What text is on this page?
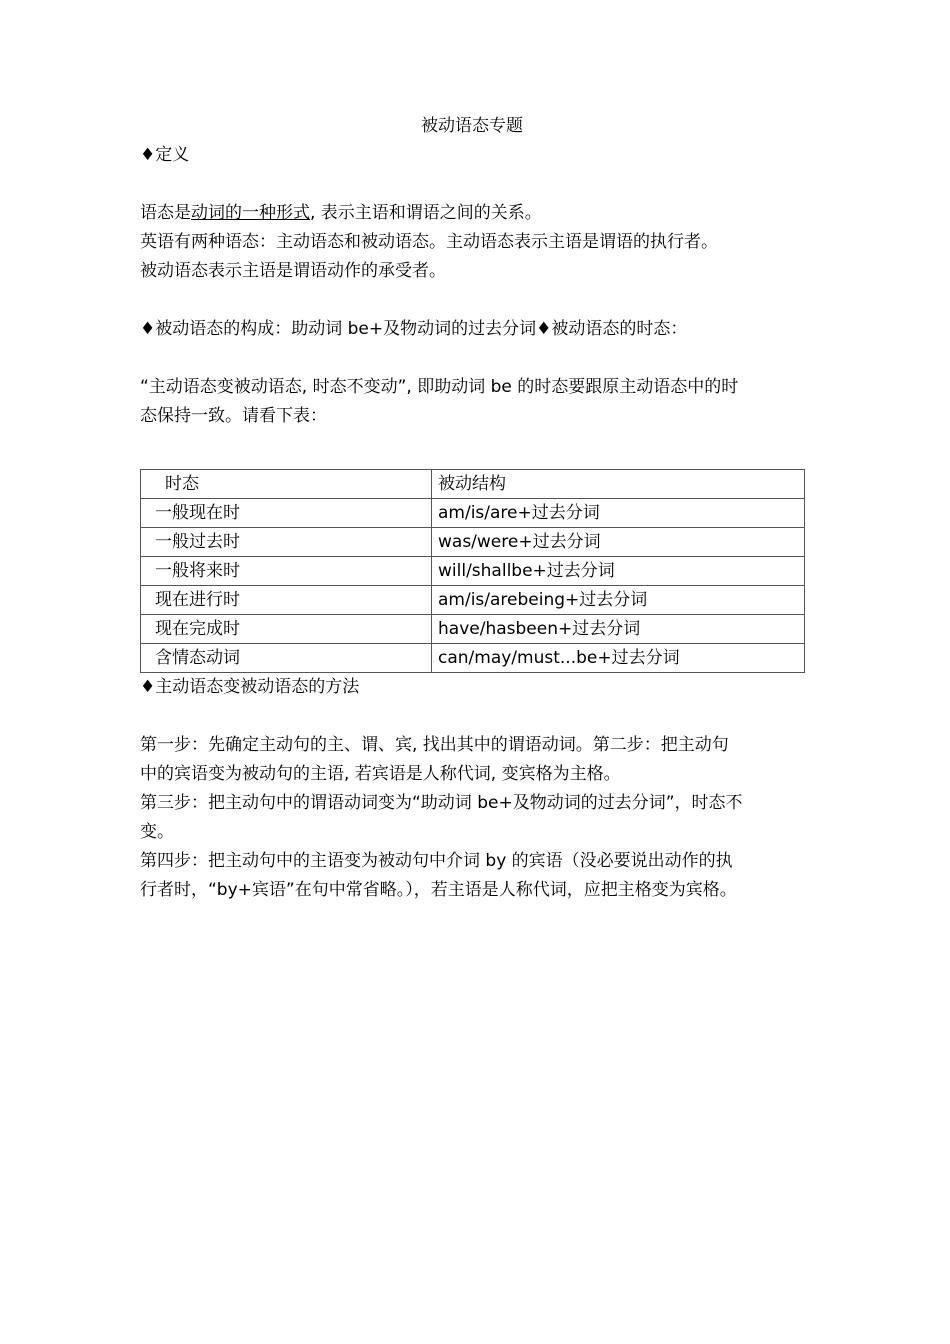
被动语态专题

♦定义

语态是动词的一种形式, 表示主语和谓语之间的关系。

英语有两种语态：主动语态和被动语态。主动语态表示主语是谓语的执行者。

被动语态表示主语是谓语动作的承受者。

♦被动语态的构成：助动词 be+及物动词的过去分词♦被动语态的时态：

“主动语态变被动语态, 时态不变动”, 即助动词 be 的时态要跟原主动语态中的时

态保持一致。请看下表：

时态	被动结构
一般现在时	am/is/are+过去分词
一般过去时	was/were+过去分词
一般将来时	will/shallbe+过去分词
现在进行时	am/is/arebeing+过去分词
现在完成时	have/hasbeen+过去分词
含情态动词	can/may/must...be+过去分词

♦主动语态变被动语态的方法

第一步：先确定主动句的主、谓、宾, 找出其中的谓语动词。第二步：把主动句

中的宾语变为被动句的主语, 若宾语是人称代词, 变宾格为主格。

第三步：把主动句中的谓语动词变为“助动词 be+及物动词的过去分词”，时态不

变。

第四步：把主动句中的主语变为被动句中介词 by 的宾语（没必要说出动作的执

行者时，“by+宾语”在句中常省略。），若主语是人称代词，应把主格变为宾格。
